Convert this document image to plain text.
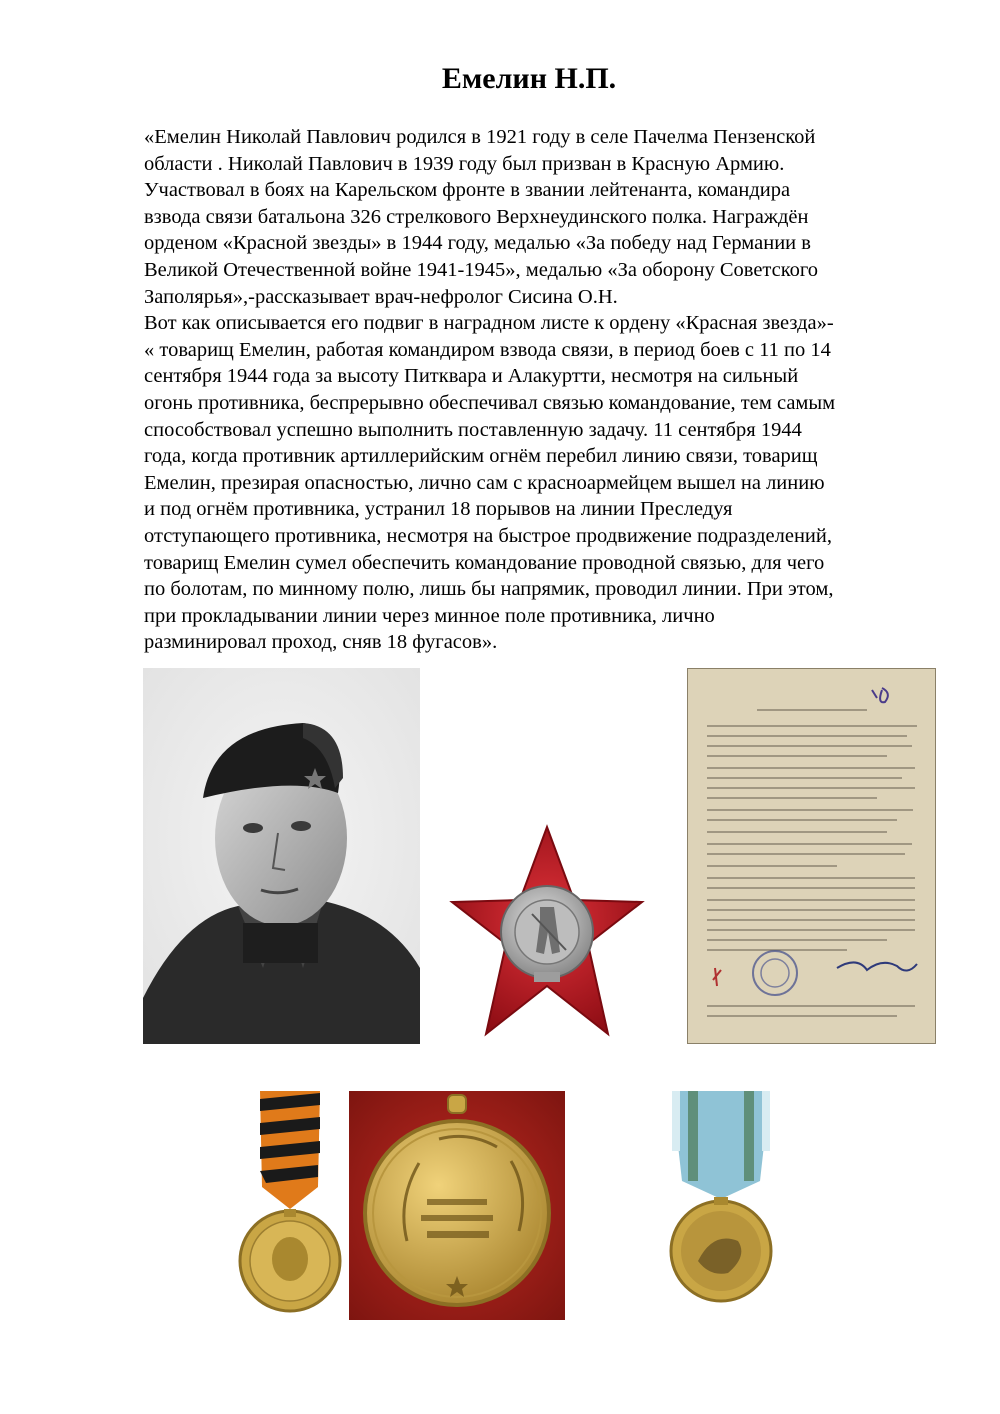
Емелин Н.П.

«Емелин Николай Павлович родился в 1921 году в селе Пачелма Пензенской

области . Николай Павлович в 1939 году был призван в Красную Армию.

Участвовал в боях на Карельском фронте в звании лейтенанта, командира

взвода связи батальона 326 стрелкового Верхнеудинского полка. Награждён

орденом «Красной звезды» в 1944 году, медалью «За победу над Германии в

Великой Отечественной войне 1941-1945», медалью «За оборону Советского

Заполярья»,-рассказывает врач-нефролог Сисина О.Н.

Вот как описывается его подвиг в наградном листе к ордену «Красная звезда»-

« товарищ Емелин, работая командиром взвода связи, в период боев с 11 по 14

сентября 1944 года за высоту Питквара и Алакуртти, несмотря на сильный

огонь противника, беспрерывно обеспечивал связью командование, тем самым

способствовал успешно выполнить поставленную задачу. 11 сентября 1944

года, когда противник артиллерийским огнём перебил линию связи, товарищ

Емелин, презирая опасностью, лично сам с красноармейцем вышел на линию

и под огнём противника, устранил 18 порывов на линии Преследуя

отступающего противника, несмотря на быстрое продвижение подразделений,

товарищ Емелин сумел обеспечить командование проводной связью, для чего

по болотам, по минному полю, лишь бы напрямик, проводил линии. При этом,

при прокладывании линии через минное поле противника, лично

разминировал проход, сняв 18 фугасов».
